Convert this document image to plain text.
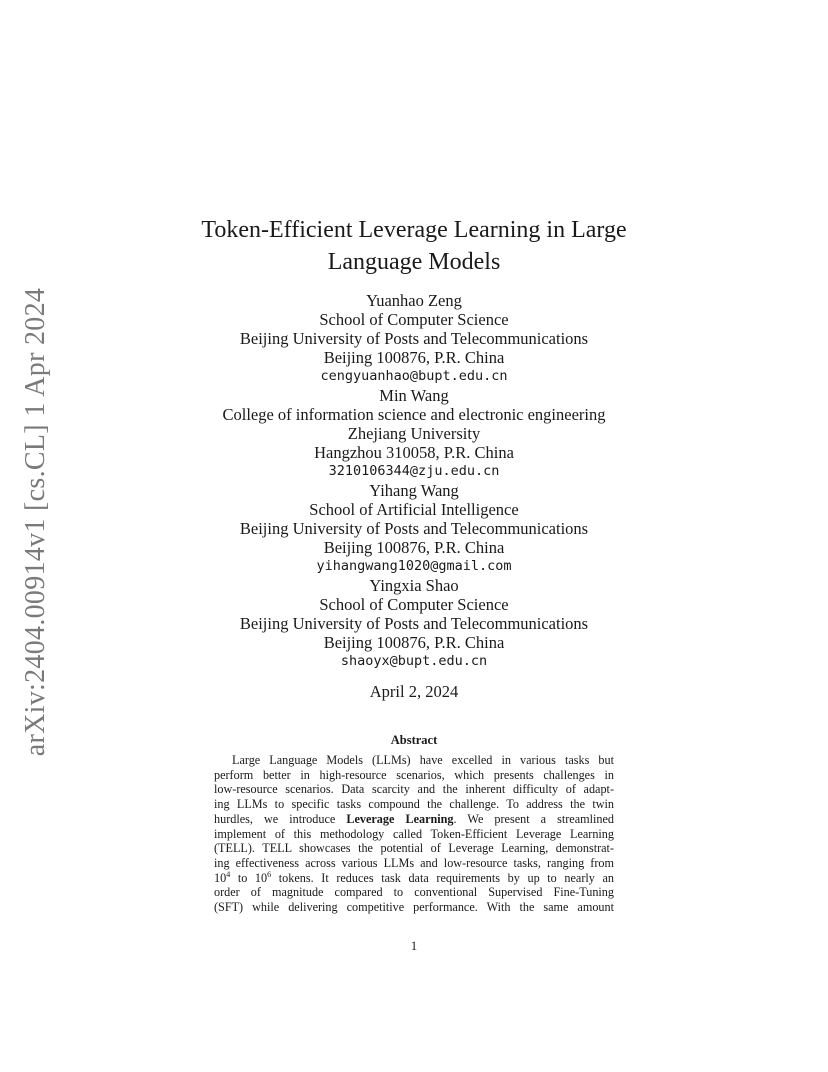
arXiv:2404.00914v1 [cs.CL] 1 Apr 2024
Token-Efficient Leverage Learning in Large
Language Models
Yuanhao Zeng
School of Computer Science
Beijing University of Posts and Telecommunications
Beijing 100876, P.R. China
cengyuanhao@bupt.edu.cn
Min Wang
College of information science and electronic engineering
Zhejiang University
Hangzhou 310058, P.R. China
3210106344@zju.edu.cn
Yihang Wang
School of Artificial Intelligence
Beijing University of Posts and Telecommunications
Beijing 100876, P.R. China
yihangwang1020@gmail.com
Yingxia Shao
School of Computer Science
Beijing University of Posts and Telecommunications
Beijing 100876, P.R. China
shaoyx@bupt.edu.cn
April 2, 2024
Abstract
Large Language Models (LLMs) have excelled in various tasks but
perform better in high-resource scenarios, which presents challenges in
low-resource scenarios. Data scarcity and the inherent difficulty of adapt-
ing LLMs to specific tasks compound the challenge. To address the twin
hurdles, we introduce Leverage Learning. We present a streamlined
implement of this methodology called Token-Efficient Leverage Learning
(TELL). TELL showcases the potential of Leverage Learning, demonstrat-
ing effectiveness across various LLMs and low-resource tasks, ranging from
$10^4$ to $10^6$ tokens. It reduces task data requirements by up to nearly an
order of magnitude compared to conventional Supervised Fine-Tuning
(SFT) while delivering competitive performance. With the same amount
1
